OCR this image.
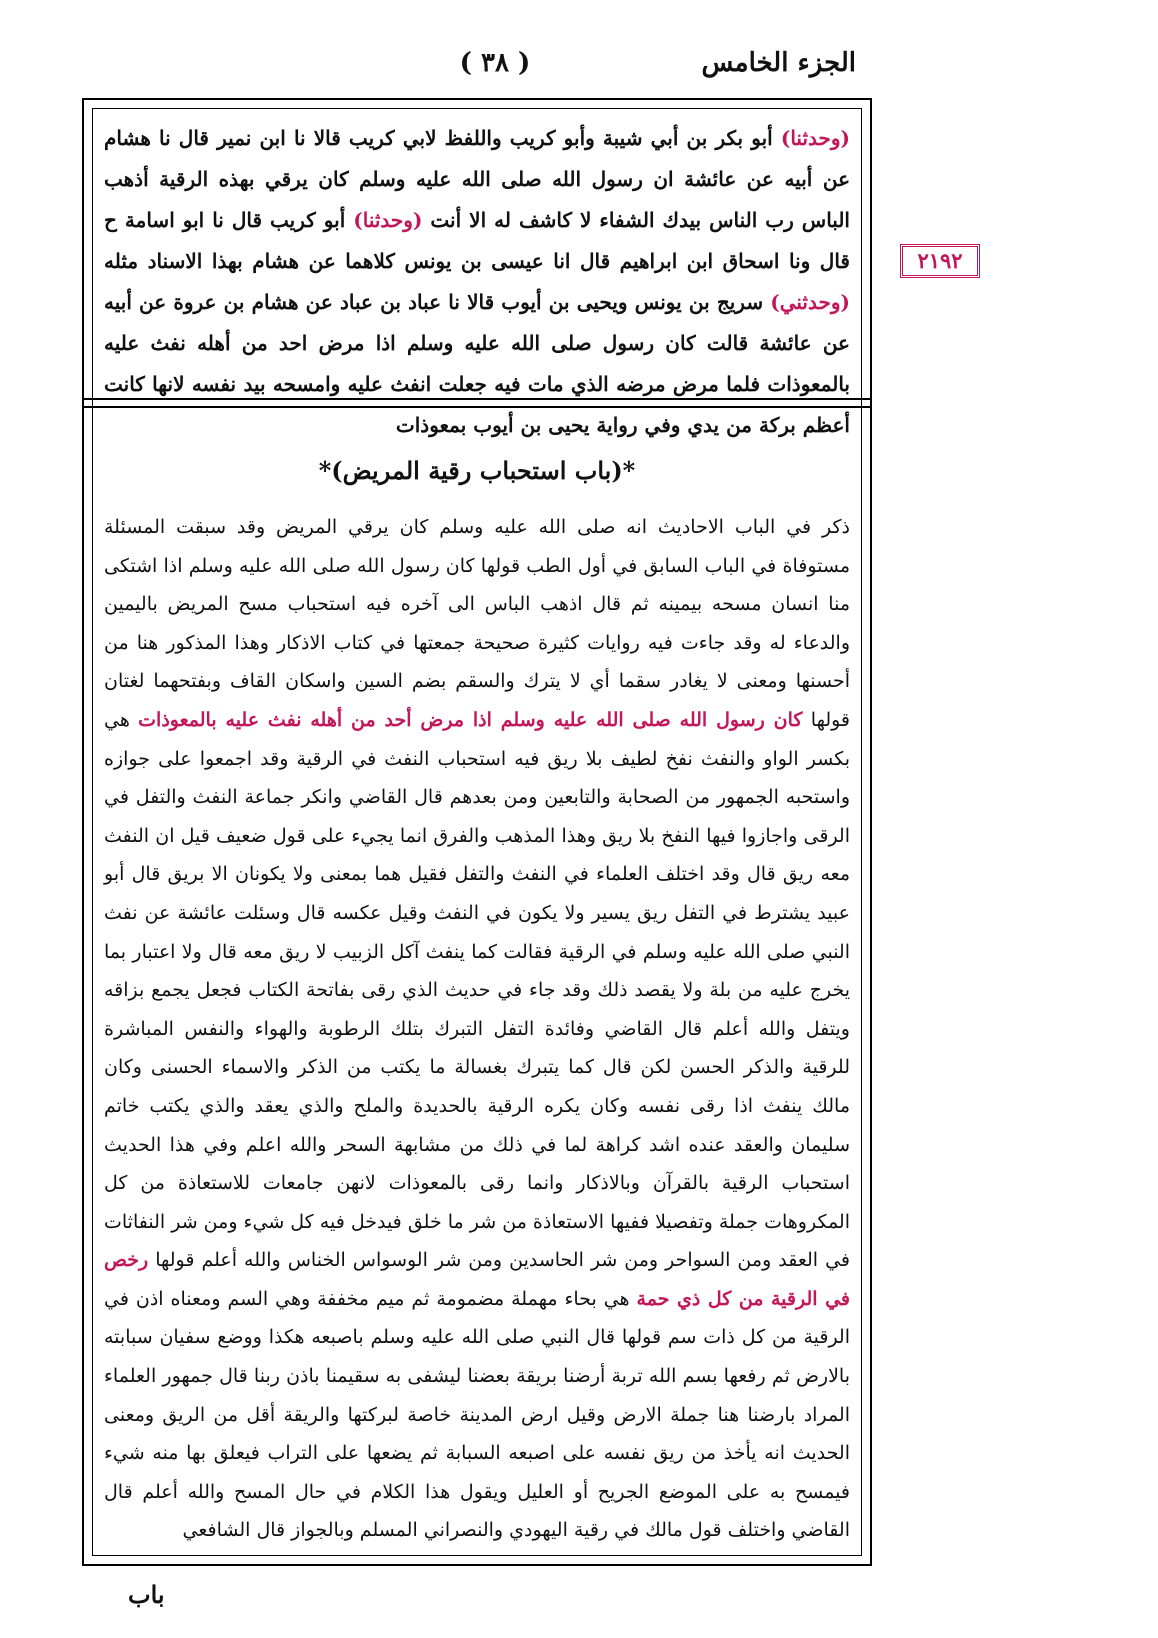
الجزء الخامس
( ٣٨ )
٢١٩٢

(وحدثنا) أبو بكر بن أبي شيبة وأبو كريب واللفظ لابي كريب قالا نا ابن نمير قال نا هشام عن أبيه عن عائشة ان رسول الله صلى الله عليه وسلم كان يرقي بهذه الرقية أذهب الباس رب الناس بيدك الشفاء لا كاشف له الا أنت (وحدثنا) أبو كريب قال نا ابو اسامة ح قال ونا اسحاق ابن ابراهيم قال انا عيسى بن يونس كلاهما عن هشام بهذا الاسناد مثله (وحدثني) سريج بن يونس ويحيى بن أيوب قالا نا عباد بن عباد عن هشام بن عروة عن أبيه عن عائشة قالت كان رسول صلى الله عليه وسلم اذا مرض احد من أهله نفث عليه بالمعوذات فلما مرض مرضه الذي مات فيه جعلت انفث عليه وامسحه بيد نفسه لانها كانت أعظم بركة من يدي وفي رواية يحيى بن أيوب بمعوذات

*(باب استحباب رقية المريض)*

ذكر في الباب الاحاديث انه صلى الله عليه وسلم كان يرقي المريض وقد سبقت المسئلة مستوفاة في الباب السابق في أول الطب قولها كان رسول الله صلى الله عليه وسلم اذا اشتكى منا انسان مسحه بيمينه ثم قال اذهب الباس الى آخره فيه استحباب مسح المريض باليمين والدعاء له وقد جاءت فيه روايات كثيرة صحيحة جمعتها في كتاب الاذكار وهذا المذكور هنا من أحسنها ومعنى لا يغادر سقما أي لا يترك والسقم بضم السين واسكان القاف وبفتحهما لغتان قولها كان رسول الله صلى الله عليه وسلم اذا مرض أحد من أهله نفث عليه بالمعوذات هي بكسر الواو والنفث نفخ لطيف بلا ريق فيه استحباب النفث في الرقية وقد اجمعوا على جوازه واستحبه الجمهور من الصحابة والتابعين ومن بعدهم قال القاضي وانكر جماعة النفث والتفل في الرقى واجازوا فيها النفخ بلا ريق وهذا المذهب والفرق انما يجيء على قول ضعيف قيل ان النفث معه ريق قال وقد اختلف العلماء في النفث والتفل فقيل هما بمعنى ولا يكونان الا بريق قال أبو عبيد يشترط في التفل ريق يسير ولا يكون في النفث وقيل عكسه قال وسئلت عائشة عن نفث النبي صلى الله عليه وسلم في الرقية فقالت كما ينفث آكل الزبيب لا ريق معه قال ولا اعتبار بما يخرج عليه من بلة ولا يقصد ذلك وقد جاء في حديث الذي رقى بفاتحة الكتاب فجعل يجمع بزاقه ويتفل والله أعلم قال القاضي وفائدة التفل التبرك بتلك الرطوبة والهواء والنفس المباشرة للرقية والذكر الحسن لكن قال كما يتبرك بغسالة ما يكتب من الذكر والاسماء الحسنى وكان مالك ينفث اذا رقى نفسه وكان يكره الرقية بالحديدة والملح والذي يعقد والذي يكتب خاتم سليمان والعقد عنده اشد كراهة لما في ذلك من مشابهة السحر والله اعلم وفي هذا الحديث استحباب الرقية بالقرآن وبالاذكار وانما رقى بالمعوذات لانهن جامعات للاستعاذة من كل المكروهات جملة وتفصيلا ففيها الاستعاذة من شر ما خلق فيدخل فيه كل شيء ومن شر النفاثات في العقد ومن السواحر ومن شر الحاسدين ومن شر الوسواس الخناس والله أعلم قولها رخص في الرقية من كل ذي حمة هي بحاء مهملة مضمومة ثم ميم مخففة وهي السم ومعناه اذن في الرقية من كل ذات سم قولها قال النبي صلى الله عليه وسلم باصبعه هكذا ووضع سفيان سبابته بالارض ثم رفعها بسم الله تربة أرضنا بريقة بعضنا ليشفى به سقيمنا باذن ربنا قال جمهور العلماء المراد بارضنا هنا جملة الارض وقيل ارض المدينة خاصة لبركتها والريقة أقل من الريق ومعنى الحديث انه يأخذ من ريق نفسه على اصبعه السبابة ثم يضعها على التراب فيعلق بها منه شيء فيمسح به على الموضع الجريح أو العليل ويقول هذا الكلام في حال المسح والله أعلم قال القاضي واختلف قول مالك في رقية اليهودي والنصراني المسلم وبالجواز قال الشافعي

باب
